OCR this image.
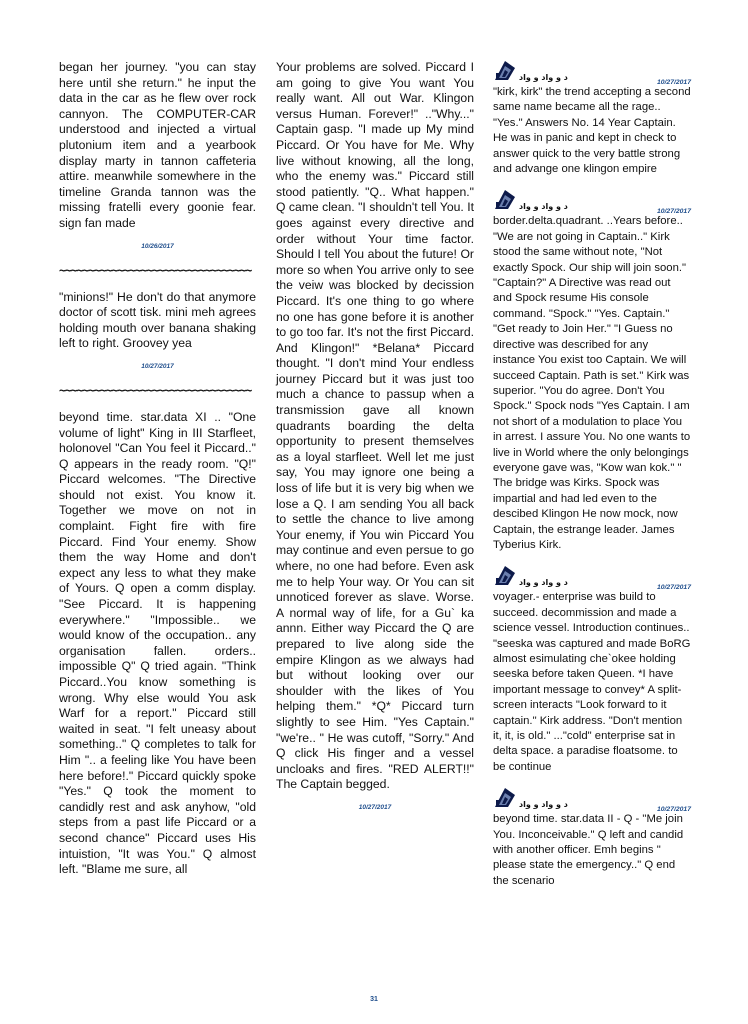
began her journey. "you can stay here until she return." he input the data in the car as he flew over rock cannyon. The COMPUTER-CAR understood and injected a virtual plutonium item and a yearbook display marty in tannon caffeteria attire. meanwhile somewhere in the timeline Granda tannon was the missing fratelli every goonie fear. sign fan made

10/26/2017
~~~~~~~~~~~~~~~~~~~~~~~~~~~~~~~~~

"minions!" He don't do that anymore doctor of scott tisk. mini meh agrees holding mouth over banana shaking left to right. Groovey yea

10/27/2017
~~~~~~~~~~~~~~~~~~~~~~~~~~~~~~~~~

beyond time. star.data XI .. "One volume of light" King in III Starfleet, holonovel "Can You feel it Piccard.." Q appears in the ready room. "Q!" Piccard welcomes. "The Directive should not exist. You know it. Together we move on not in complaint. Fight fire with fire Piccard. Find Your enemy. Show them the way Home and don't expect any less to what they make of Yours. Q open a comm display. "See Piccard. It is happening everywhere." "Impossible.. we would know of the occupation.. any organisation fallen. orders.. impossible Q" Q tried again. "Think Piccard..You know something is wrong. Why else would You ask Warf for a report." Piccard still waited in seat. "I felt uneasy about something.." Q completes to talk for Him ".. a feeling like You have been here before!." Piccard quickly spoke "Yes." Q took the moment to candidly rest and ask anyhow, "old steps from a past life Piccard or a second chance" Piccard uses His intuistion, "It was You." Q almost left. "Blame me sure, all

Your problems are solved. Piccard I am going to give You want You really want. All out War. Klingon versus Human. Forever!" .."Why..." Captain gasp. "I made up My mind Piccard. Or You have for Me. Why live without knowing, all the long, who the enemy was." Piccard still stood patiently. "Q.. What happen." Q came clean. "I shouldn't tell You. It goes against every directive and order without Your time factor. Should I tell You about the future! Or more so when You arrive only to see the veiw was blocked by decission Piccard. It's one thing to go where no one has gone before it is another to go too far. It's not the first Piccard. And Klingon!" *Belana* Piccard thought. "I don't mind Your endless journey Piccard but it was just too much a chance to passup when a transmission gave all known quadrants boarding the delta opportunity to present themselves as a loyal starfleet. Well let me just say, You may ignore one being a loss of life but it is very big when we lose a Q. I am sending You all back to settle the chance to live among Your enemy, if You win Piccard You may continue and even persue to go where, no one had before. Even ask me to help Your way. Or You can sit unnoticed forever as slave. Worse. A normal way of life, for a Gu` ka annn. Either way Piccard the Q are prepared to live along side the empire Klingon as we always had but without looking over our shoulder with the likes of You helping them." *Q* Piccard turn slightly to see Him. "Yes Captain." "we're.. " He was cutoff, "Sorry." And Q click His finger and a vessel uncloaks and fires. "RED ALERT!!" The Captain begged.

10/27/2017
د و واد و واد
10/27/2017

"kirk, kirk" the trend accepting a second same name became all the rage.. "Yes." Answers No. 14 Year Captain. He was in panic and kept in check to answer quick to the very battle strong and advange one klingon empire

د و واد و واد
10/27/2017

border.delta.quadrant. ..Years before.. "We are not going in Captain.." Kirk stood the same without note, "Not exactly Spock. Our ship will join soon." "Captain?" A Directive was read out and Spock resume His console command. "Spock." "Yes. Captain." "Get ready to Join Her." "I Guess no directive was described for any instance You exist too Captain. We will succeed Captain. Path is set." Kirk was superior. "You do agree. Don't You Spock." Spock nods "Yes Captain. I am not short of a modulation to place You in arrest. I assure You. No one wants to live in World where the only belongings everyone gave was, "Kow wan kok." " The bridge was Kirks. Spock was impartial and had led even to the descibed Klingon He now mock, now Captain, the estrange leader. James Tyberius Kirk.

د و واد و واد
10/27/2017

voyager.- enterprise was build to succeed. decommission and made a science vessel. Introduction continues.. "seeska was captured and made BoRG almost esimulating che`okee holding seeska before taken Queen. *I have important message to convey* A split-screen interacts "Look forward to it captain." Kirk address. "Don't mention it, it, is old." ..."cold" enterprise sat in delta space. a paradise floatsome. to be continue

د و واد و واد
10/27/2017

beyond time. star.data II - Q - "Me join You. Inconceivable." Q left and candid with another officer. Emh begins " please state the emergency.." Q end the scenario

31
